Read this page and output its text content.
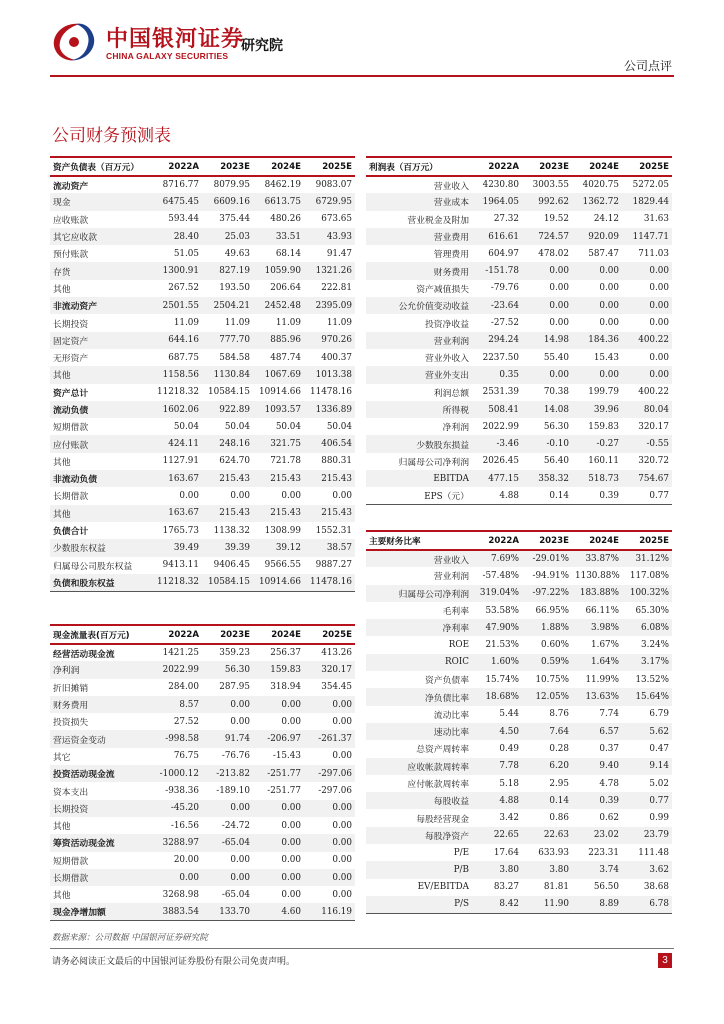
中国银河证券
研究院
CHINA GALAXY SECURITIES
公司点评
公司财务预测表
资产负债表（百万元）	2022A	2023E	2024E	2025E
流动资产	8716.77	8079.95	8462.19	9083.07
现金	6475.45	6609.16	6613.75	6729.95
应收账款	593.44	375.44	480.26	673.65
其它应收款	28.40	25.03	33.51	43.93
预付账款	51.05	49.63	68.14	91.47
存货	1300.91	827.19	1059.90	1321.26
其他	267.52	193.50	206.64	222.81
非流动资产	2501.55	2504.21	2452.48	2395.09
长期投资	11.09	11.09	11.09	11.09
固定资产	644.16	777.70	885.96	970.26
无形资产	687.75	584.58	487.74	400.37
其他	1158.56	1130.84	1067.69	1013.38
资产总计	11218.32	10584.15	10914.66	11478.16
流动负债	1602.06	922.89	1093.57	1336.89
短期借款	50.04	50.04	50.04	50.04
应付账款	424.11	248.16	321.75	406.54
其他	1127.91	624.70	721.78	880.31
非流动负债	163.67	215.43	215.43	215.43
长期借款	0.00	0.00	0.00	0.00
其他	163.67	215.43	215.43	215.43
负债合计	1765.73	1138.32	1308.99	1552.31
少数股东权益	39.49	39.39	39.12	38.57
归属母公司股东权益	9413.11	9406.45	9566.55	9887.27
负债和股东权益	11218.32	10584.15	10914.66	11478.16
利润表（百万元）	2022A	2023E	2024E	2025E
营业收入	4230.80	3003.55	4020.75	5272.05
营业成本	1964.05	992.62	1362.72	1829.44
营业税金及附加	27.32	19.52	24.12	31.63
营业费用	616.61	724.57	920.09	1147.71
管理费用	604.97	478.02	587.47	711.03
财务费用	-151.78	0.00	0.00	0.00
资产减值损失	-79.76	0.00	0.00	0.00
公允价值变动收益	-23.64	0.00	0.00	0.00
投资净收益	-27.52	0.00	0.00	0.00
营业利润	294.24	14.98	184.36	400.22
营业外收入	2237.50	55.40	15.43	0.00
营业外支出	0.35	0.00	0.00	0.00
利润总额	2531.39	70.38	199.79	400.22
所得税	508.41	14.08	39.96	80.04
净利润	2022.99	56.30	159.83	320.17
少数股东损益	-3.46	-0.10	-0.27	-0.55
归属母公司净利润	2026.45	56.40	160.11	320.72
EBITDA	477.15	358.32	518.73	754.67
EPS（元）	4.88	0.14	0.39	0.77
主要财务比率	2022A	2023E	2024E	2025E
营业收入	7.69%	-29.01%	33.87%	31.12%
营业利润	-57.48%	-94.91%	1130.88%	117.08%
归属母公司净利润	319.04%	-97.22%	183.88%	100.32%
毛利率	53.58%	66.95%	66.11%	65.30%
净利率	47.90%	1.88%	3.98%	6.08%
ROE	21.53%	0.60%	1.67%	3.24%
ROIC	1.60%	0.59%	1.64%	3.17%
资产负债率	15.74%	10.75%	11.99%	13.52%
净负债比率	18.68%	12.05%	13.63%	15.64%
流动比率	5.44	8.76	7.74	6.79
速动比率	4.50	7.64	6.57	5.62
总资产周转率	0.49	0.28	0.37	0.47
应收帐款周转率	7.78	6.20	9.40	9.14
应付帐款周转率	5.18	2.95	4.78	5.02
每股收益	4.88	0.14	0.39	0.77
每股经营现金	3.42	0.86	0.62	0.99
每股净资产	22.65	22.63	23.02	23.79
P/E	17.64	633.93	223.31	111.48
P/B	3.80	3.80	3.74	3.62
EV/EBITDA	83.27	81.81	56.50	38.68
P/S	8.42	11.90	8.89	6.78
现金流量表(百万元)	2022A	2023E	2024E	2025E
经营活动现金流	1421.25	359.23	256.37	413.26
净利润	2022.99	56.30	159.83	320.17
折旧摊销	284.00	287.95	318.94	354.45
财务费用	8.57	0.00	0.00	0.00
投资损失	27.52	0.00	0.00	0.00
营运资金变动	-998.58	91.74	-206.97	-261.37
其它	76.75	-76.76	-15.43	0.00
投资活动现金流	-1000.12	-213.82	-251.77	-297.06
资本支出	-938.36	-189.10	-251.77	-297.06
长期投资	-45.20	0.00	0.00	0.00
其他	-16.56	-24.72	0.00	0.00
筹资活动现金流	3288.97	-65.04	0.00	0.00
短期借款	20.00	0.00	0.00	0.00
长期借款	0.00	0.00	0.00	0.00
其他	3268.98	-65.04	0.00	0.00
现金净增加额	3883.54	133.70	4.60	116.19
数据来源：公司数据 中国银河证券研究院
请务必阅读正文最后的中国银河证券股份有限公司免责声明。	3
